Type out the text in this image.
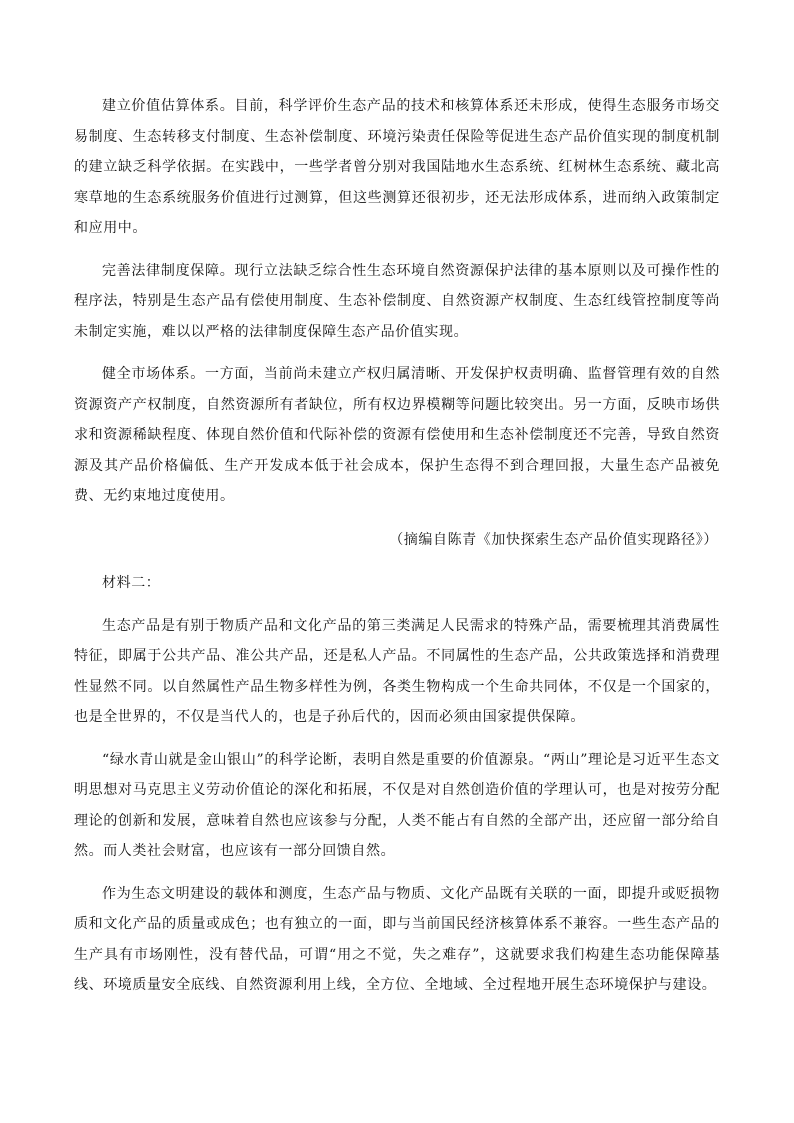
建立价值估算体系。目前，科学评价生态产品的技术和核算体系还未形成，使得生态服务市场交易制度、生态转移支付制度、生态补偿制度、环境污染责任保险等促进生态产品价值实现的制度机制的建立缺乏科学依据。在实践中，一些学者曾分别对我国陆地水生态系统、红树林生态系统、藏北高寒草地的生态系统服务价值进行过测算，但这些测算还很初步，还无法形成体系，进而纳入政策制定和应用中。

完善法律制度保障。现行立法缺乏综合性生态环境自然资源保护法律的基本原则以及可操作性的程序法，特别是生态产品有偿使用制度、生态补偿制度、自然资源产权制度、生态红线管控制度等尚未制定实施，难以以严格的法律制度保障生态产品价值实现。

健全市场体系。一方面，当前尚未建立产权归属清晰、开发保护权责明确、监督管理有效的自然资源资产产权制度，自然资源所有者缺位，所有权边界模糊等问题比较突出。另一方面，反映市场供求和资源稀缺程度、体现自然价值和代际补偿的资源有偿使用和生态补偿制度还不完善，导致自然资源及其产品价格偏低、生产开发成本低于社会成本，保护生态得不到合理回报，大量生态产品被免费、无约束地过度使用。

（摘编自陈青《加快探索生态产品价值实现路径》）

材料二：

生态产品是有别于物质产品和文化产品的第三类满足人民需求的特殊产品，需要梳理其消费属性特征，即属于公共产品、准公共产品，还是私人产品。不同属性的生态产品，公共政策选择和消费理性显然不同。以自然属性产品生物多样性为例，各类生物构成一个生命共同体，不仅是一个国家的，也是全世界的，不仅是当代人的，也是子孙后代的，因而必须由国家提供保障。

“绿水青山就是金山银山”的科学论断，表明自然是重要的价值源泉。“两山”理论是习近平生态文明思想对马克思主义劳动价值论的深化和拓展，不仅是对自然创造价值的学理认可，也是对按劳分配理论的创新和发展，意味着自然也应该参与分配，人类不能占有自然的全部产出，还应留一部分给自然。而人类社会财富，也应该有一部分回馈自然。

作为生态文明建设的载体和测度，生态产品与物质、文化产品既有关联的一面，即提升或贬损物质和文化产品的质量或成色；也有独立的一面，即与当前国民经济核算体系不兼容。一些生态产品的生产具有市场刚性，没有替代品，可谓“用之不觉，失之难存”，这就要求我们构建生态功能保障基线、环境质量安全底线、自然资源利用上线，全方位、全地域、全过程地开展生态环境保护与建设。
